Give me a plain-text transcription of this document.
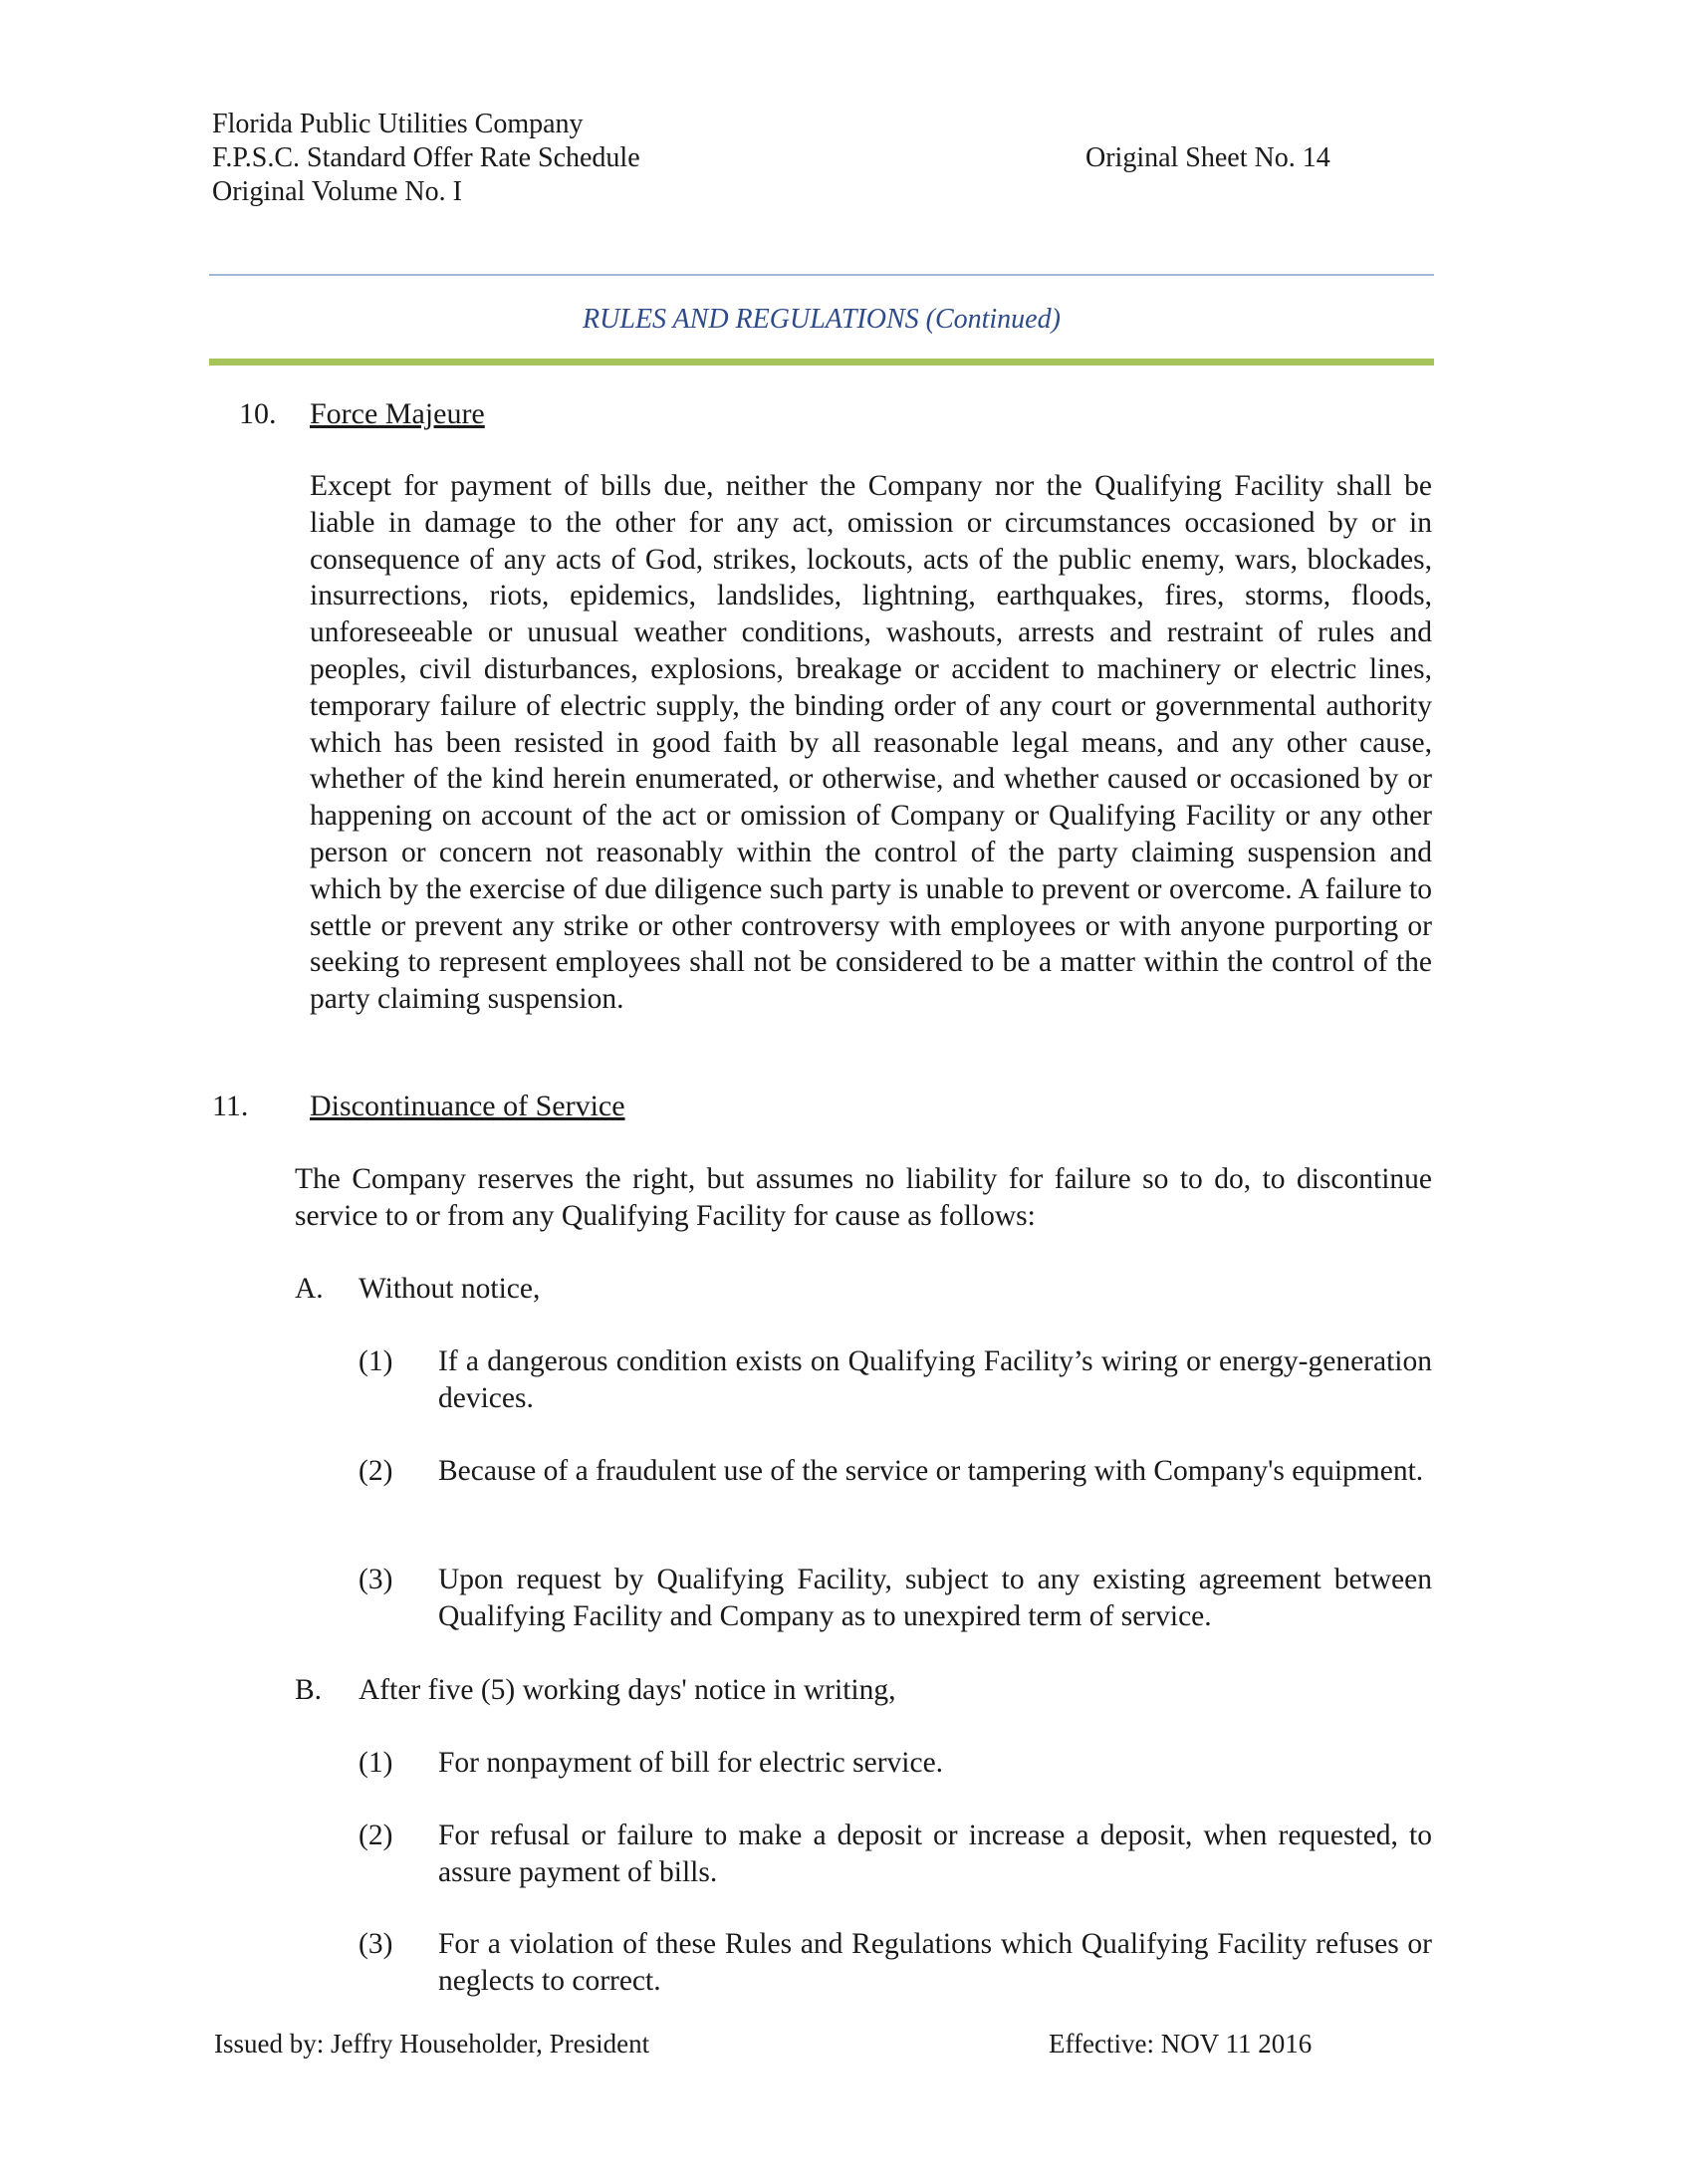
Florida Public Utilities Company
F.P.S.C. Standard Offer Rate Schedule
Original Volume No. I
Original Sheet No. 14
RULES AND REGULATIONS (Continued)
10. Force Majeure
Except for payment of bills due, neither the Company nor the Qualifying Facility shall be liable in damage to the other for any act, omission or circumstances occasioned by or in consequence of any acts of God, strikes, lockouts, acts of the public enemy, wars, blockades, insurrections, riots, epidemics, landslides, lightning, earthquakes, fires, storms, floods, unforeseeable or unusual weather conditions, washouts, arrests and restraint of rules and peoples, civil disturbances, explosions, breakage or accident to machinery or electric lines, temporary failure of electric supply, the binding order of any court or governmental authority which has been resisted in good faith by all reasonable legal means, and any other cause, whether of the kind herein enumerated, or otherwise, and whether caused or occasioned by or happening on account of the act or omission of Company or Qualifying Facility or any other person or concern not reasonably within the control of the party claiming suspension and which by the exercise of due diligence such party is unable to prevent or overcome. A failure to settle or prevent any strike or other controversy with employees or with anyone purporting or seeking to represent employees shall not be considered to be a matter within the control of the party claiming suspension.
11. Discontinuance of Service
The Company reserves the right, but assumes no liability for failure so to do, to discontinue service to or from any Qualifying Facility for cause as follows:
A. Without notice,
(1) If a dangerous condition exists on Qualifying Facility’s wiring or energy-generation devices.
(2) Because of a fraudulent use of the service or tampering with Company's equipment.
(3) Upon request by Qualifying Facility, subject to any existing agreement between Qualifying Facility and Company as to unexpired term of service.
B. After five (5) working days' notice in writing,
(1) For nonpayment of bill for electric service.
(2) For refusal or failure to make a deposit or increase a deposit, when requested, to assure payment of bills.
(3) For a violation of these Rules and Regulations which Qualifying Facility refuses or neglects to correct.
Issued by: Jeffry Householder, President	Effective: NOV 11 2016
